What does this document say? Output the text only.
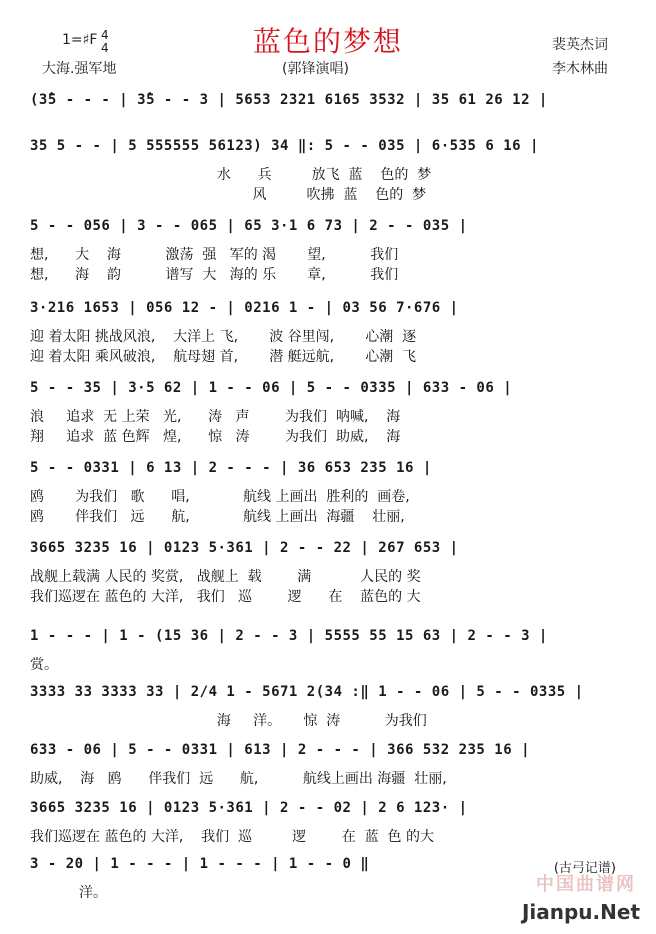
蓝色的梦想
1=♯F 4
4	裴英杰词
李木林曲
大海.强军地	(郭锋演唱)
(3̂5 - - - | 3̂5 - - 3 | 5653 2321 6165 3532 | 35 61 26 12 |
35 5 - - | 5 555555 56123) 34 ‖: 5 - - 035 | 6·535 6 16 |
水      兵         放飞  蓝    色的  梦
风         吹拂  蓝    色的  梦
5 - - 056 | 3 - - 065 | 65 3·1 6 73 | 2 - - 035 |
想,      大    海          激荡  强   军的 渴       望,          我们
想,      海    韵          谱写  大   海的 乐       章,          我们
3·216 1653 | 056 12 - | 0216 1 - | 03 56 7·676 |
迎 着太阳 挑战风浪,    大洋上 飞,       波 谷里闯,       心潮  逐
迎 着太阳 乘风破浪,    航母翅 首,       潜 艇远航,       心潮  飞
5 - - 35 | 3·5 62 | 1 - - 06 | 5 - - 0335 | 633 - 06 |
浪     追求  无 上荣   光,      涛   声        为我们  呐喊,    海
翔     追求  蓝 色辉   煌,      惊   涛        为我们  助威,    海
5 - - 0331 | 6 13 | 2 - - - | 36 653 235 16 |
鸥       为我们   歌      唱,            航线 上画出  胜利的  画卷,
鸥       伴我们   远      航,            航线 上画出  海疆    壮丽,
3665 3235 16 | 0123 5·361 | 2 - - 22 | 267 653 |
战舰上载满 人民的 奖赏,   战舰上  载        满           人民的 奖
我们巡逻在 蓝色的 大洋,   我们   巡        逻      在    蓝色的 大
1 - - - | 1 - (15 36 | 2 - - 3 | 5555 55 15 63 | 2 - - 3 |
赏。
3333 33 3333 33 | 2/4 1 - 5671 2(34 :‖ 1 - - 06 | 5 - - 0335 |
海     洋。     惊  涛          为我们
633 - 06 | 5 - - 0331 | 613 | 2 - - - | 366 532 235 16 |
助威,    海   鸥      伴我们  远      航,          航线上画出 海疆  壮丽,
3665 3235 16 | 0123 5·361 | 2 - - 02 | 2 6 123· |
我们巡逻在 蓝色的 大洋,    我们  巡         逻        在  蓝  色 的大
3 - 20 | 1 - - - | 1 - - - | 1 - - 0 ‖
洋。
(古弓记谱)
中国曲谱网
Jianpu.Net
